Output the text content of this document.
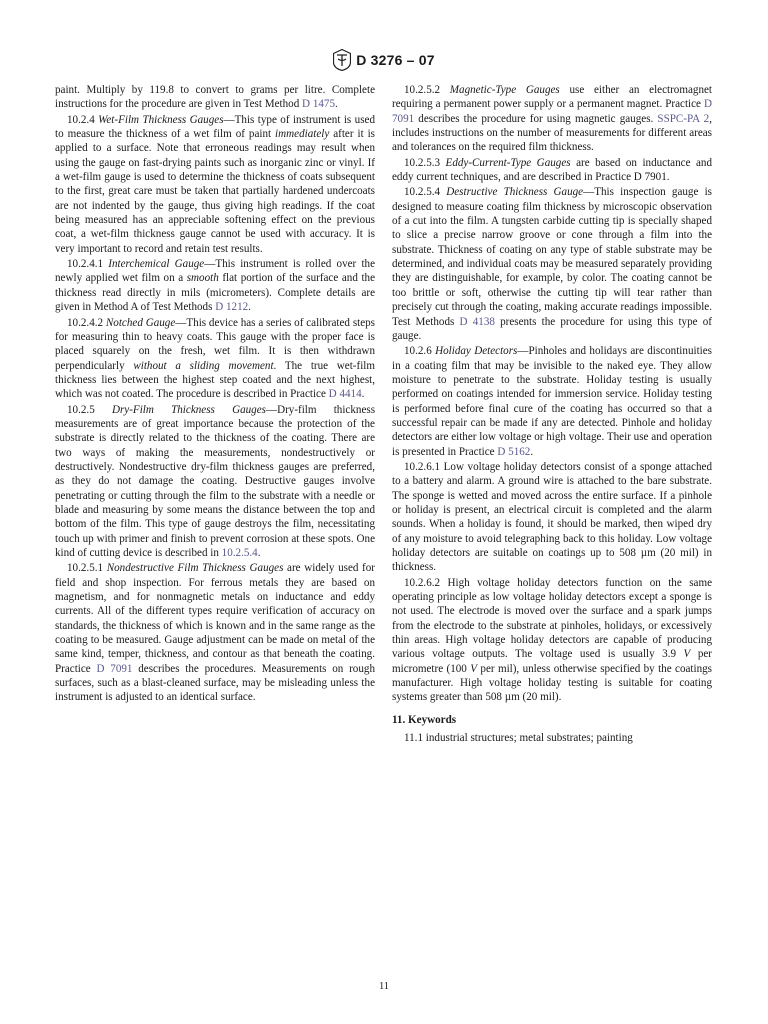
D 3276 – 07

paint. Multiply by 119.8 to convert to grams per litre. Complete instructions for the procedure are given in Test Method D 1475.

10.2.4 Wet-Film Thickness Gauges—This type of instrument is used to measure the thickness of a wet film of paint immediately after it is applied to a surface. Note that erroneous readings may result when using the gauge on fast-drying paints such as inorganic zinc or vinyl. If a wet-film gauge is used to determine the thickness of coats subsequent to the first, great care must be taken that partially hardened undercoats are not indented by the gauge, thus giving high readings. If the coat being measured has an appreciable softening effect on the previous coat, a wet-film thickness gauge cannot be used with accuracy. It is very important to record and retain test results.

10.2.4.1 Interchemical Gauge—This instrument is rolled over the newly applied wet film on a smooth flat portion of the surface and the thickness read directly in mils (micrometers). Complete details are given in Method A of Test Methods D 1212.

10.2.4.2 Notched Gauge—This device has a series of calibrated steps for measuring thin to heavy coats. This gauge with the proper face is placed squarely on the fresh, wet film. It is then withdrawn perpendicularly without a sliding movement. The true wet-film thickness lies between the highest step coated and the next highest, which was not coated. The procedure is described in Practice D 4414.

10.2.5 Dry-Film Thickness Gauges—Dry-film thickness measurements are of great importance because the protection of the substrate is directly related to the thickness of the coating. There are two ways of making the measurements, nondestructively or destructively. Nondestructive dry-film thickness gauges are preferred, as they do not damage the coating. Destructive gauges involve penetrating or cutting through the film to the substrate with a needle or blade and measuring by some means the distance between the top and bottom of the film. This type of gauge destroys the film, necessitating touch up with primer and finish to prevent corrosion at these spots. One kind of cutting device is described in 10.2.5.4.

10.2.5.1 Nondestructive Film Thickness Gauges are widely used for field and shop inspection. For ferrous metals they are based on magnetism, and for nonmagnetic metals on inductance and eddy currents. All of the different types require verification of accuracy on standards, the thickness of which is known and in the same range as the coating to be measured. Gauge adjustment can be made on metal of the same kind, temper, thickness, and contour as that beneath the coating. Practice D 7091 describes the procedures. Measurements on rough surfaces, such as a blast-cleaned surface, may be misleading unless the instrument is adjusted to an identical surface.

10.2.5.2 Magnetic-Type Gauges use either an electromagnet requiring a permanent power supply or a permanent magnet. Practice D 7091 describes the procedure for using magnetic gauges. SSPC-PA 2, includes instructions on the number of measurements for different areas and tolerances on the required film thickness.

10.2.5.3 Eddy-Current-Type Gauges are based on inductance and eddy current techniques, and are described in Practice D 7901.

10.2.5.4 Destructive Thickness Gauge—This inspection gauge is designed to measure coating film thickness by microscopic observation of a cut into the film. A tungsten carbide cutting tip is specially shaped to slice a precise narrow groove or cone through a film into the substrate. Thickness of coating on any type of stable substrate may be determined, and individual coats may be measured separately providing they are distinguishable, for example, by color. The coating cannot be too brittle or soft, otherwise the cutting tip will tear rather than precisely cut through the coating, making accurate readings impossible. Test Methods D 4138 presents the procedure for using this type of gauge.

10.2.6 Holiday Detectors—Pinholes and holidays are discontinuities in a coating film that may be invisible to the naked eye. They allow moisture to penetrate to the substrate. Holiday testing is usually performed on coatings intended for immersion service. Holiday testing is performed before final cure of the coating has occurred so that a successful repair can be made if any are detected. Pinhole and holiday detectors are either low voltage or high voltage. Their use and operation is presented in Practice D 5162.

10.2.6.1 Low voltage holiday detectors consist of a sponge attached to a battery and alarm. A ground wire is attached to the bare substrate. The sponge is wetted and moved across the entire surface. If a pinhole or holiday is present, an electrical circuit is completed and the alarm sounds. When a holiday is found, it should be marked, then wiped dry of any moisture to avoid telegraphing back to this holiday. Low voltage holiday detectors are suitable on coatings up to 508 µm (20 mil) in thickness.

10.2.6.2 High voltage holiday detectors function on the same operating principle as low voltage holiday detectors except a sponge is not used. The electrode is moved over the surface and a spark jumps from the electrode to the substrate at pinholes, holidays, or excessively thin areas. High voltage holiday detectors are capable of producing various voltage outputs. The voltage used is usually 3.9 V per micrometre (100 V per mil), unless otherwise specified by the coatings manufacturer. High voltage holiday testing is suitable for coating systems greater than 508 µm (20 mil).

11. Keywords

11.1 industrial structures; metal substrates; painting

11
